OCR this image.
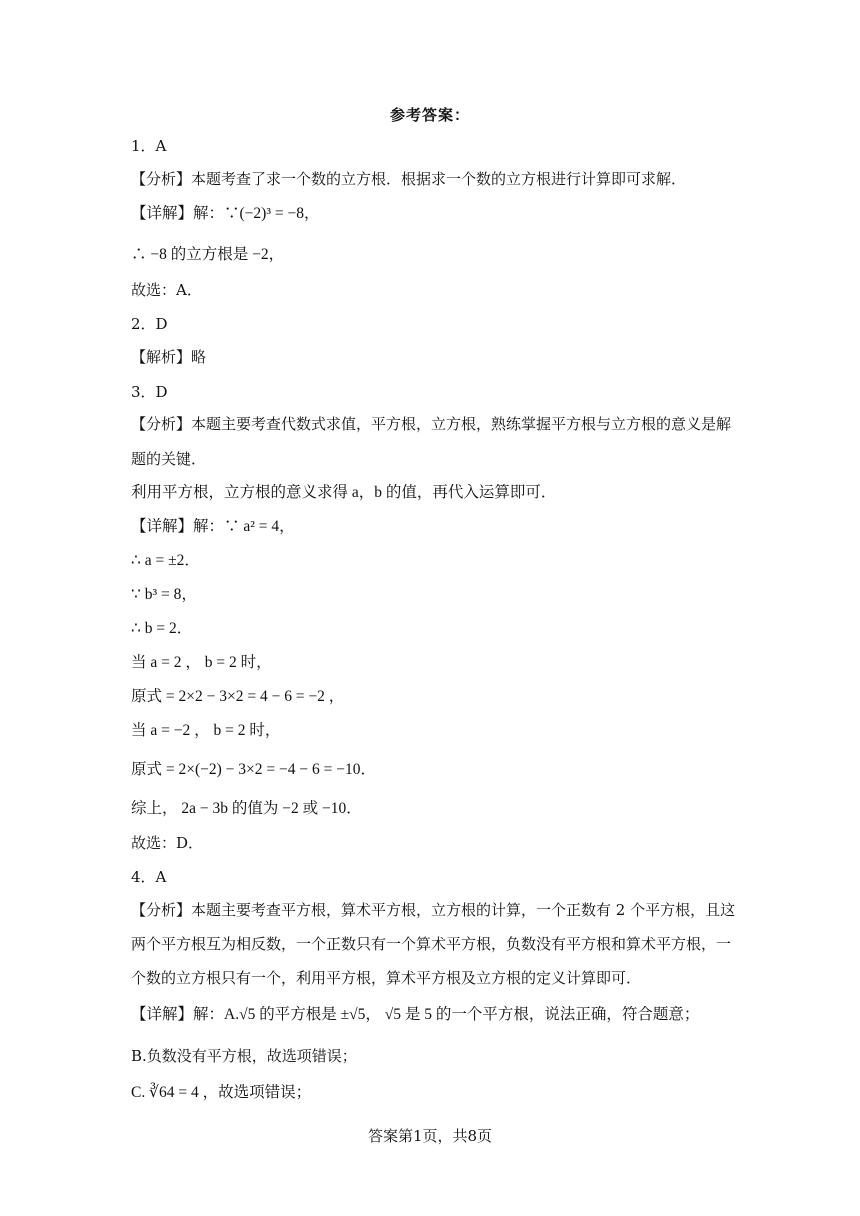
参考答案：
1．A
【分析】本题考查了求一个数的立方根．根据求一个数的立方根进行计算即可求解．
【详解】解：∵(−2)³ = −8，
∴ −8 的立方根是 −2，
故选：A．
2．D
【解析】略
3．D
【分析】本题主要考查代数式求值，平方根，立方根，熟练掌握平方根与立方根的意义是解
题的关键．
利用平方根，立方根的意义求得 a，b 的值，再代入运算即可．
【详解】解：∵ a² = 4，
∴ a = ±2．
∵ b³ = 8，
∴ b = 2．
当 a = 2 ， b = 2 时，
原式 = 2×2 − 3×2 = 4 − 6 = −2 ，
当 a = −2 ， b = 2 时，
原式 = 2×(−2) − 3×2 = −4 − 6 = −10．
综上， 2a − 3b 的值为 −2 或 −10．
故选：D．
4．A
【分析】本题主要考查平方根，算术平方根，立方根的计算，一个正数有 2 个平方根，且这
两个平方根互为相反数，一个正数只有一个算术平方根，负数没有平方根和算术平方根，一
个数的立方根只有一个，利用平方根，算术平方根及立方根的定义计算即可．
【详解】解：A.√5 的平方根是 ±√5， √5 是 5 的一个平方根，说法正确，符合题意；
B.负数没有平方根，故选项错误；
C. ∛64 = 4 ，故选项错误；
答案第1页，共8页
